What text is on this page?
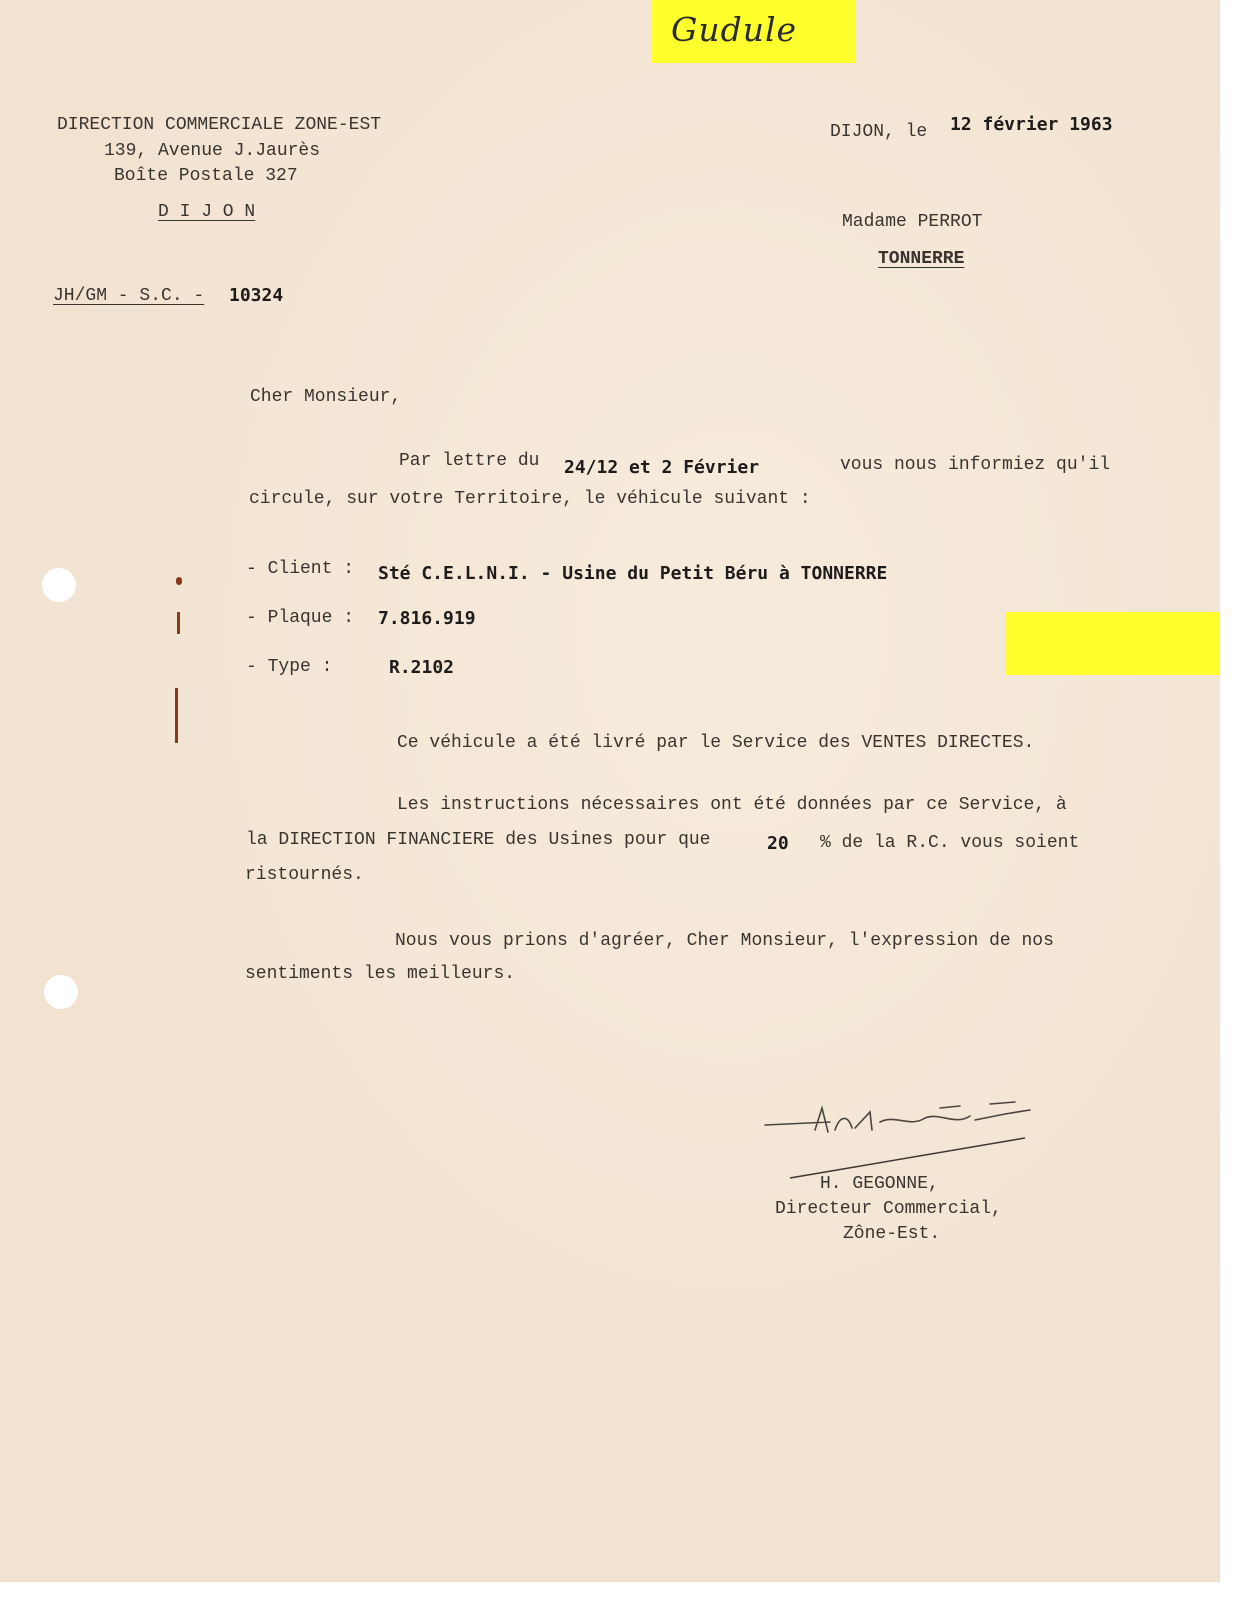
Gudule
DIRECTION COMMERCIALE ZONE-EST
139, Avenue J.Jaurès
Boîte Postale 327
D I J O N
JH/GM - S.C. - 10324
DIJON, le 12 février 1963
Madame PERROT
TONNERRE
Cher Monsieur,
Par lettre du 24/12 et 2 Février	vous nous informiez qu'il
circule, sur votre Territoire, le véhicule suivant :
- Client : Sté C.E.L.N.I. - Usine du Petit Béru à TONNERRE
- Plaque : 7.816.919
- Type :	R.2102
Ce véhicule a été livré par le Service des VENTES DIRECTES.
Les instructions nécessaires ont été données par ce Service, à
la DIRECTION FINANCIERE des Usines pour que	20 % de la R.C. vous soient
ristournés.
Nous vous prions d'agréer, Cher Monsieur, l'expression de nos
sentiments les meilleurs.
H. GEGONNE,
Directeur Commercial,
Zône-Est.
